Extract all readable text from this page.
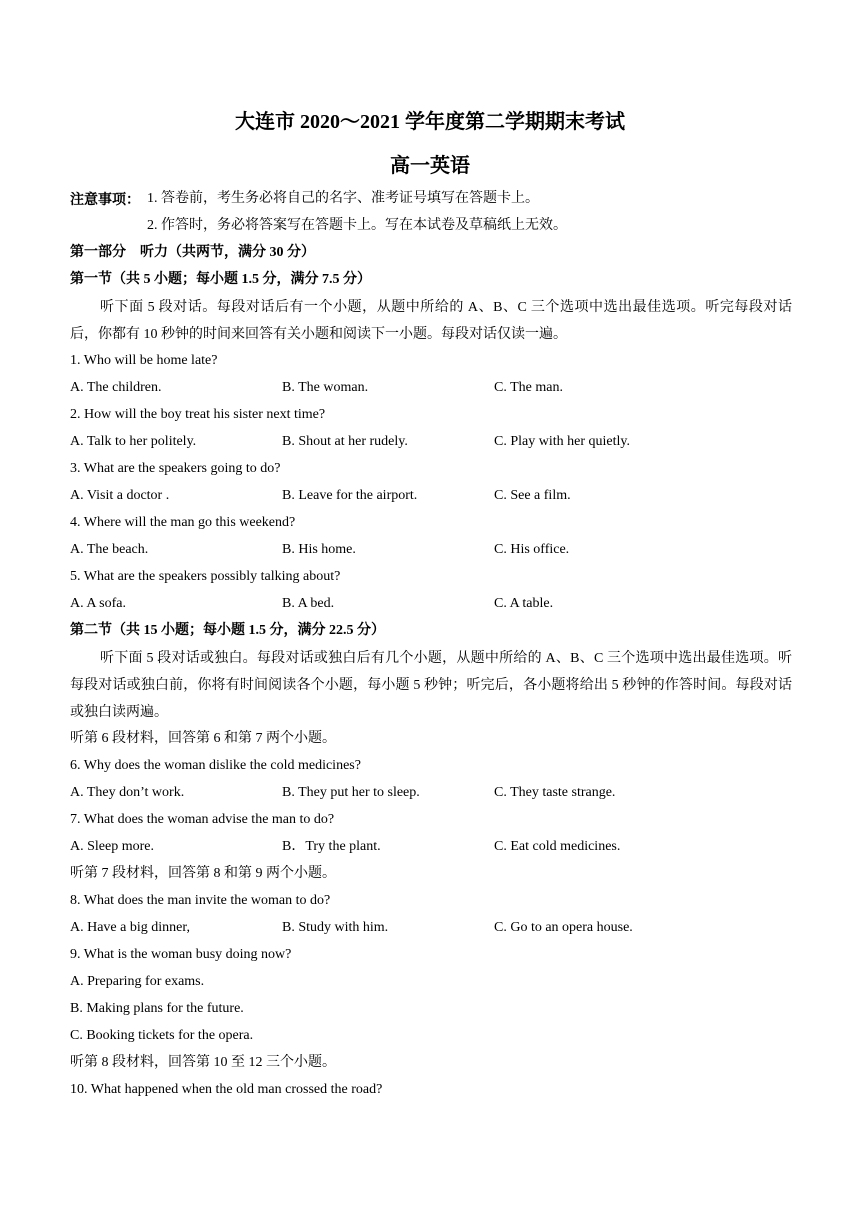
大连市 2020～2021 学年度第二学期期末考试
高一英语
注意事项： 1. 答卷前，考生务必将自己的名字、准考证号填写在答题卡上。
2. 作答时，务必将答案写在答题卡上。写在本试卷及草稿纸上无效。
第一部分　听力（共两节，满分 30 分）
第一节（共 5 小题；每小题 1.5 分，满分 7.5 分）
听下面 5 段对话。每段对话后有一个小题，从题中所给的 A、B、C 三个选项中选出最佳选项。听完每段对话后，你都有 10 秒钟的时间来回答有关小题和阅读下一小题。每段对话仅读一遍。
1. Who will be home late?
A. The children.	B. The woman.	C. The man.
2. How will the boy treat his sister next time?
A. Talk to her politely.	B. Shout at her rudely.	C. Play with her quietly.
3. What are the speakers going to do?
A. Visit a doctor .	B. Leave for the airport.	C. See a film.
4. Where will the man go this weekend?
A. The beach.	B. His home.	C. His office.
5. What are the speakers possibly talking about?
A. A sofa.	B. A bed.	C. A table.
第二节（共 15 小题；每小题 1.5 分，满分 22.5 分）
听下面 5 段对话或独白。每段对话或独白后有几个小题，从题中所给的 A、B、C 三个选项中选出最佳选项。听每段对话或独白前，你将有时间阅读各个小题，每小题 5 秒钟；听完后，各小题将给出 5 秒钟的作答时间。每段对话或独白读两遍。
听第 6 段材料，回答第 6 和第 7 两个小题。
6. Why does the woman dislike the cold medicines?
A. They don’t work.	B. They put her to sleep.	C. They taste strange.
7. What does the woman advise the man to do?
A. Sleep more.	B．Try the plant.	C. Eat cold medicines.
听第 7 段材料，回答第 8 和第 9 两个小题。
8. What does the man invite the woman to do?
A. Have a big dinner,	B. Study with him.	C. Go to an opera house.
9. What is the woman busy doing now?
A. Preparing for exams.
B. Making plans for the future.
C. Booking tickets for the opera.
听第 8 段材料，回答第 10 至 12 三个小题。
10. What happened when the old man crossed the road?
